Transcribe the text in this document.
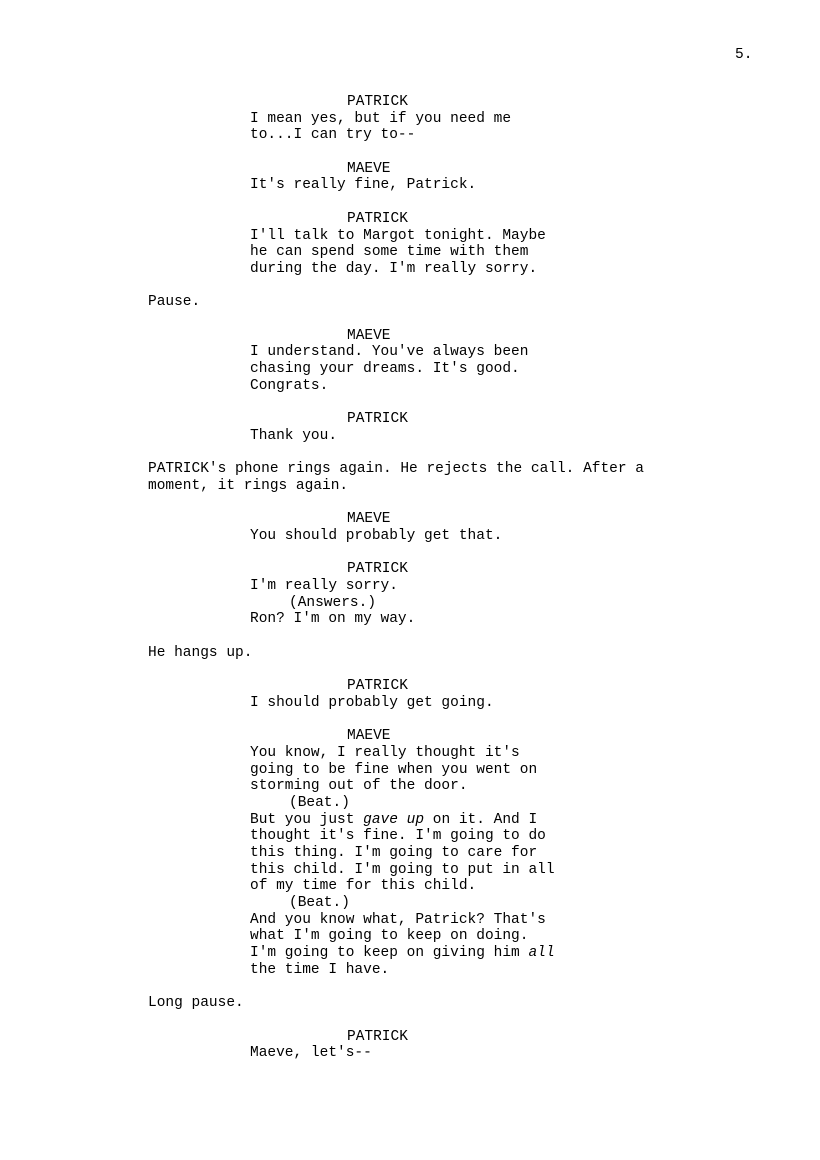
5.
PATRICK
I mean yes, but if you need me
to...I can try to--
MAEVE
It's really fine, Patrick.
PATRICK
I'll talk to Margot tonight. Maybe
he can spend some time with them
during the day. I'm really sorry.
Pause.
MAEVE
I understand. You've always been
chasing your dreams. It's good.
Congrats.
PATRICK
Thank you.
PATRICK's phone rings again. He rejects the call. After a
moment, it rings again.
MAEVE
You should probably get that.
PATRICK
I'm really sorry.
(Answers.)
Ron? I'm on my way.
He hangs up.
PATRICK
I should probably get going.
MAEVE
You know, I really thought it's
going to be fine when you went on
storming out of the door.
(Beat.)
But you just gave up on it. And I
thought it's fine. I'm going to do
this thing. I'm going to care for
this child. I'm going to put in all
of my time for this child.
(Beat.)
And you know what, Patrick? That's
what I'm going to keep on doing.
I'm going to keep on giving him all
the time I have.
Long pause.
PATRICK
Maeve, let's--
